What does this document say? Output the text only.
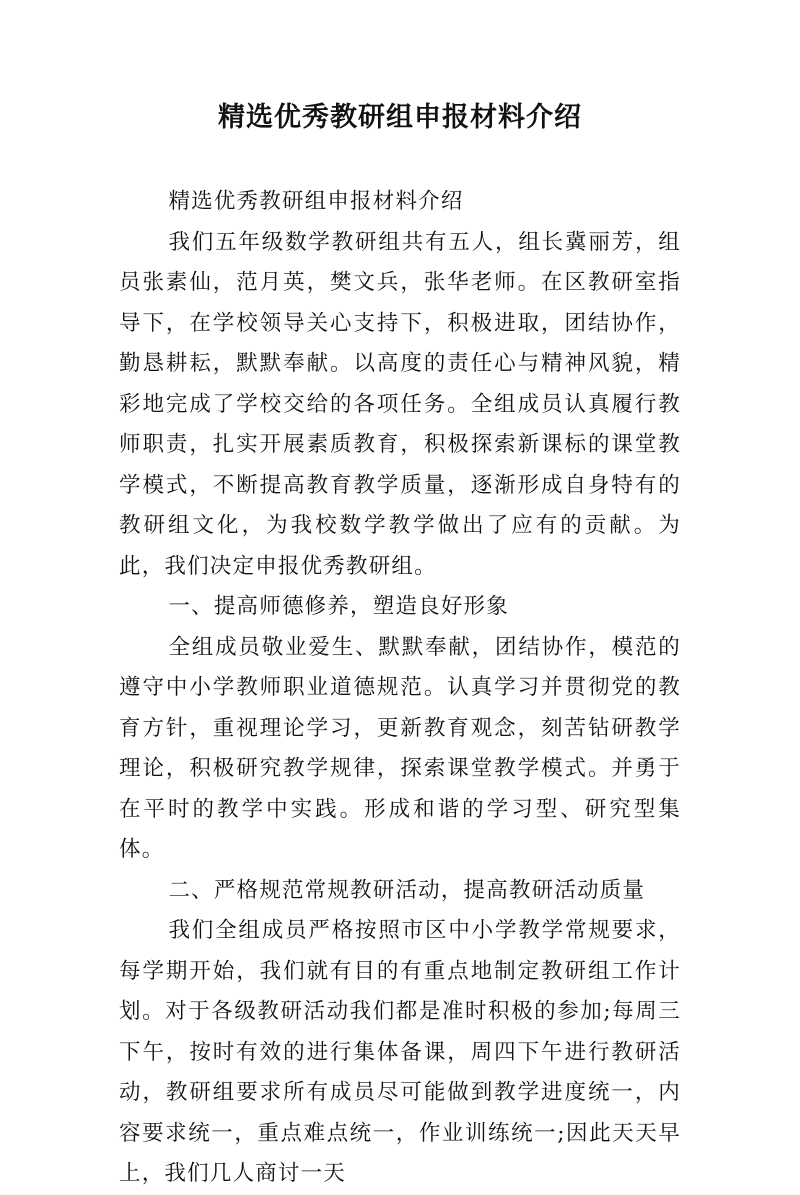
精选优秀教研组申报材料介绍

精选优秀教研组申报材料介绍

我们五年级数学教研组共有五人，组长冀丽芳，组员张素仙，范月英，樊文兵，张华老师。在区教研室指导下，在学校领导关心支持下，积极进取，团结协作，勤恳耕耘，默默奉献。以高度的责任心与精神风貌，精彩地完成了学校交给的各项任务。全组成员认真履行教师职责，扎实开展素质教育，积极探索新课标的课堂教学模式，不断提高教育教学质量，逐渐形成自身特有的教研组文化，为我校数学教学做出了应有的贡献。为此，我们决定申报优秀教研组。

一、提高师德修养，塑造良好形象

全组成员敬业爱生、默默奉献，团结协作，模范的遵守中小学教师职业道德规范。认真学习并贯彻党的教育方针，重视理论学习，更新教育观念，刻苦钻研教学理论，积极研究教学规律，探索课堂教学模式。并勇于在平时的教学中实践。形成和谐的学习型、研究型集体。

二、严格规范常规教研活动，提高教研活动质量

我们全组成员严格按照市区中小学教学常规要求，每学期开始，我们就有目的有重点地制定教研组工作计划。对于各级教研活动我们都是准时积极的参加;每周三下午，按时有效的进行集体备课，周四下午进行教研活动，教研组要求所有成员尽可能做到教学进度统一，内容要求统一，重点难点统一，作业训练统一;因此天天早上，我们几人商讨一天
